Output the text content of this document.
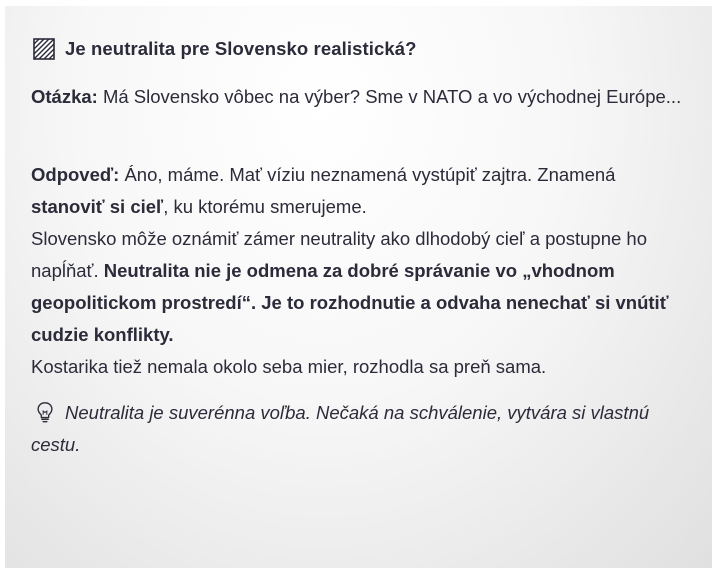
Je neutralita pre Slovensko realistická?
Otázka: Má Slovensko vôbec na výber? Sme v NATO a vo východnej Európe...
Odpoveď: Áno, máme. Mať víziu neznamená vystúpiť zajtra. Znamená
stanoviť si cieľ, ku ktorému smerujeme.
Slovensko môže oznámiť zámer neutrality ako dlhodobý cieľ a postupne ho napĺňať. Neutralita nie je odmena za dobré správanie vo „vhodnom geopolitickom prostredí“. Je to rozhodnutie a odvaha nenechať si vnútiť cudzie konflikty.
Kostarika tiež nemala okolo seba mier, rozhodla sa preň sama.
Neutralita je suverénna voľba. Nečaká na schválenie, vytvára si vlastnú cestu.
